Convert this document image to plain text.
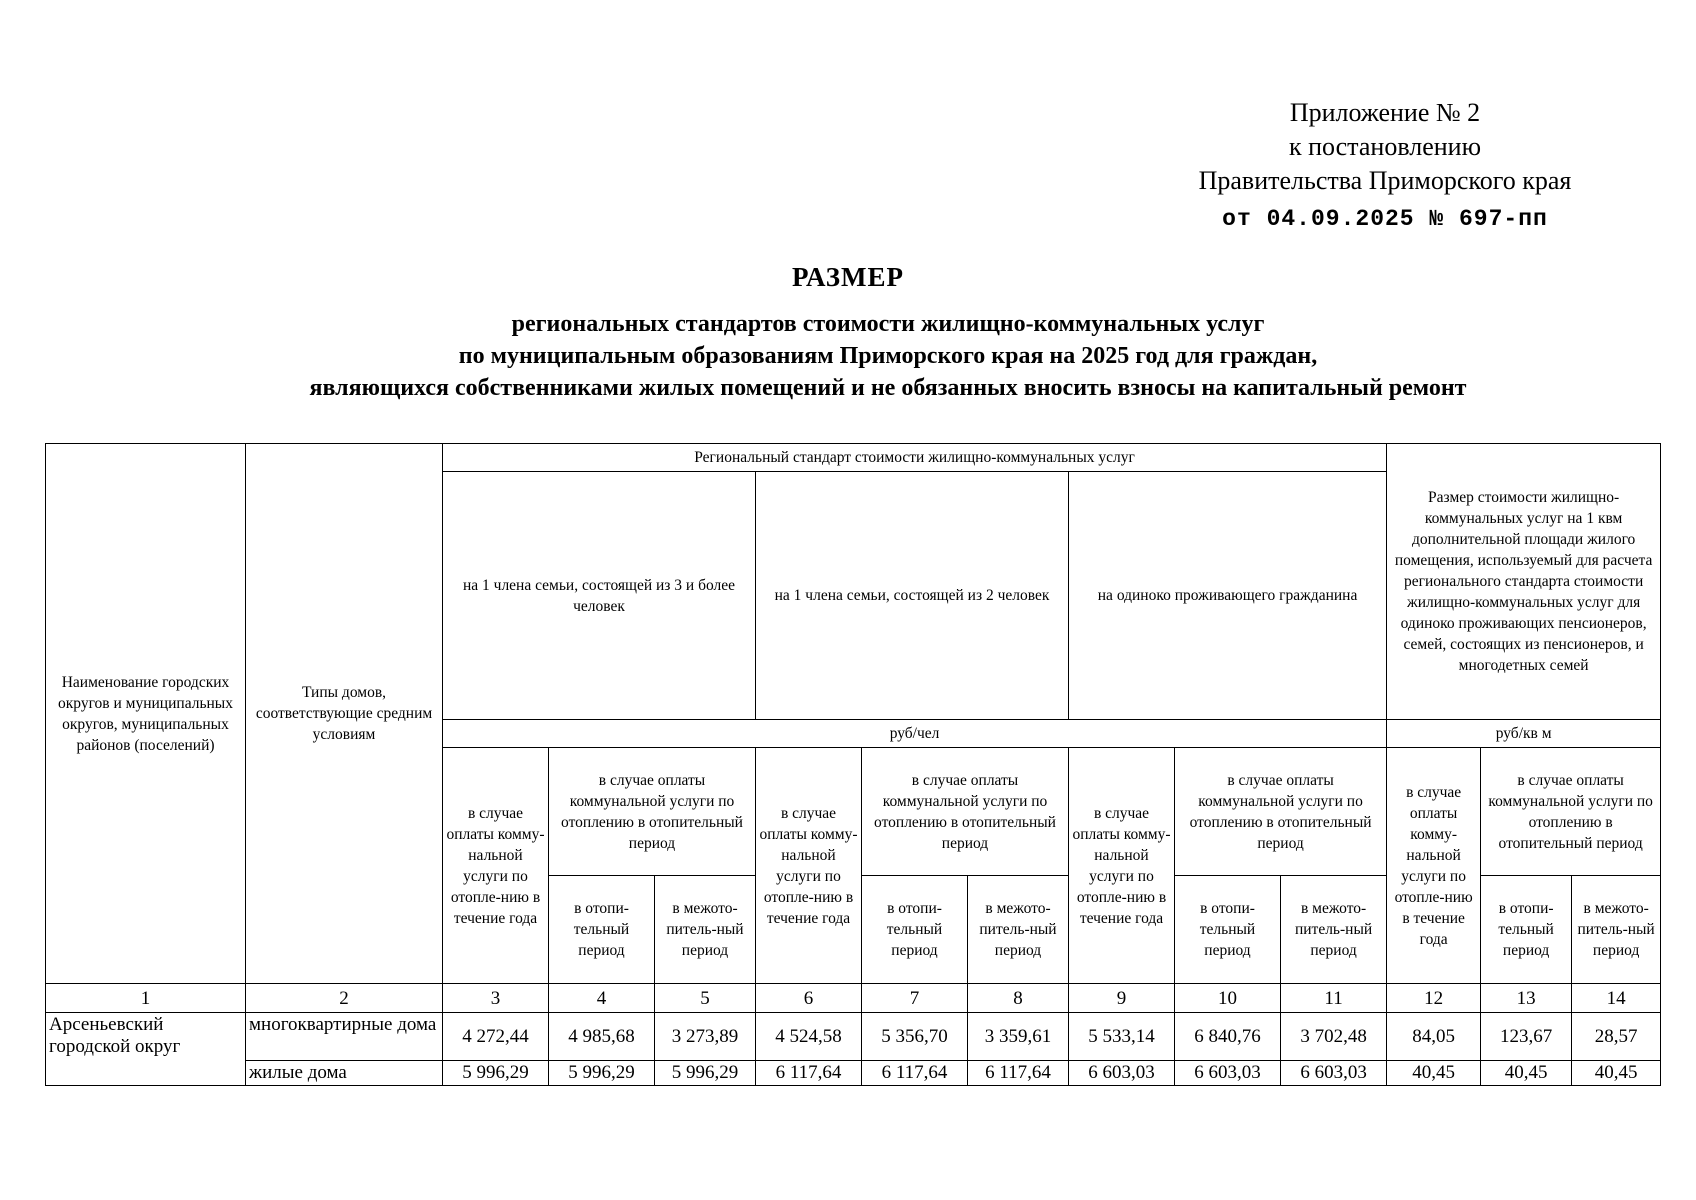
Приложение № 2
к постановлению
Правительства Приморского края
от 04.09.2025 № 697-пп
РАЗМЕР
региональных стандартов стоимости жилищно-коммунальных услуг
по муниципальным образованиям Приморского края на 2025 год для граждан,
являющихся собственниками жилых помещений и не обязанных вносить взносы на капитальный ремонт
Наименование городских округов и муниципальных округов, муниципальных районов (поселений)	Типы домов, соответствующие средним условиям	Региональный стандарт стоимости жилищно-коммунальных услуг									Размер стоимости жилищно-коммунальных услуг на 1 квм дополнительной площади жилого помещения, используемый для расчета регионального стандарта стоимости жилищно-коммунальных услуг для одиноко проживающих пенсионеров, семей, состоящих из пенсионеров, и многодетных семей		
		на 1 члена семьи, состоящей из 3 и более человек			на 1 члена семьи, состоящей из 2 человек			на одиноко проживающего гражданина					
		руб/чел									руб/кв м		
		в случае оплаты комму-нальной услуги по отопле-нию в течение года	в случае оплаты коммунальной услуги по отоплению в отопительный период		в случае оплаты комму-нальной услуги по отопле-нию в течение года	в случае оплаты коммунальной услуги по отоплению в отопительный период		в случае оплаты комму-нальной услуги по отопле-нию в течение года	в случае оплаты коммунальной услуги по отоплению в отопительный период		в случае оплаты комму-нальной услуги по отопле-нию в течение года	в случае оплаты коммунальной услуги по отоплению в отопительный период	
			в отопи-тельный период	в межото-питель-ный период		в отопи-тельный период	в межото-питель-ный период		в отопи-тельный период	в межото-питель-ный период		в отопи-тельный период	в межото-питель-ный период
1	2	3	4	5	6	7	8	9	10	11	12	13	14
Арсеньевский городской округ	многоквартирные дома	4 272,44	4 985,68	3 273,89	4 524,58	5 356,70	3 359,61	5 533,14	6 840,76	3 702,48	84,05	123,67	28,57
	жилые дома	5 996,29	5 996,29	5 996,29	6 117,64	6 117,64	6 117,64	6 603,03	6 603,03	6 603,03	40,45	40,45	40,45
